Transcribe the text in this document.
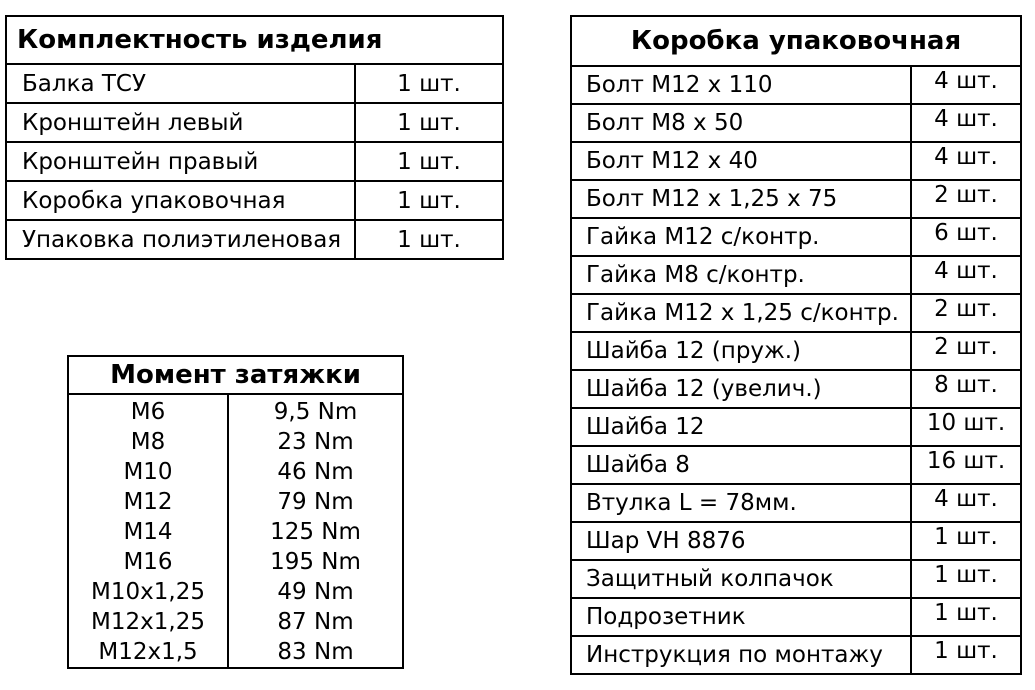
Комплектность изделия	
Балка ТСУ	1 шт.
Кронштейн левый	1 шт.
Кронштейн правый	1 шт.
Коробка упаковочная	1 шт.
Упаковка полиэтиленовая	1 шт.
Момент затяжки	
М6	9,5 Nm
М8	23 Nm
М10	46 Nm
М12	79 Nm
М14	125 Nm
М16	195 Nm
М10х1,25	49 Nm
М12х1,25	87 Nm
М12х1,5	83 Nm
Коробка упаковочная	
Болт М12 х 110	4 шт.
Болт М8 х 50	4 шт.
Болт М12 х 40	4 шт.
Болт М12 х 1,25 х 75	2 шт.
Гайка М12 с/контр.	6 шт.
Гайка М8 с/контр.	4 шт.
Гайка М12 х 1,25 с/контр.	2 шт.
Шайба 12 (пруж.)	2 шт.
Шайба 12 (увелич.)	8 шт.
Шайба 12	10 шт.
Шайба 8	16 шт.
Втулка L = 78мм.	4 шт.
Шар VH 8876	1 шт.
Защитный колпачок	1 шт.
Подрозетник	1 шт.
Инструкция по монтажу	1 шт.
